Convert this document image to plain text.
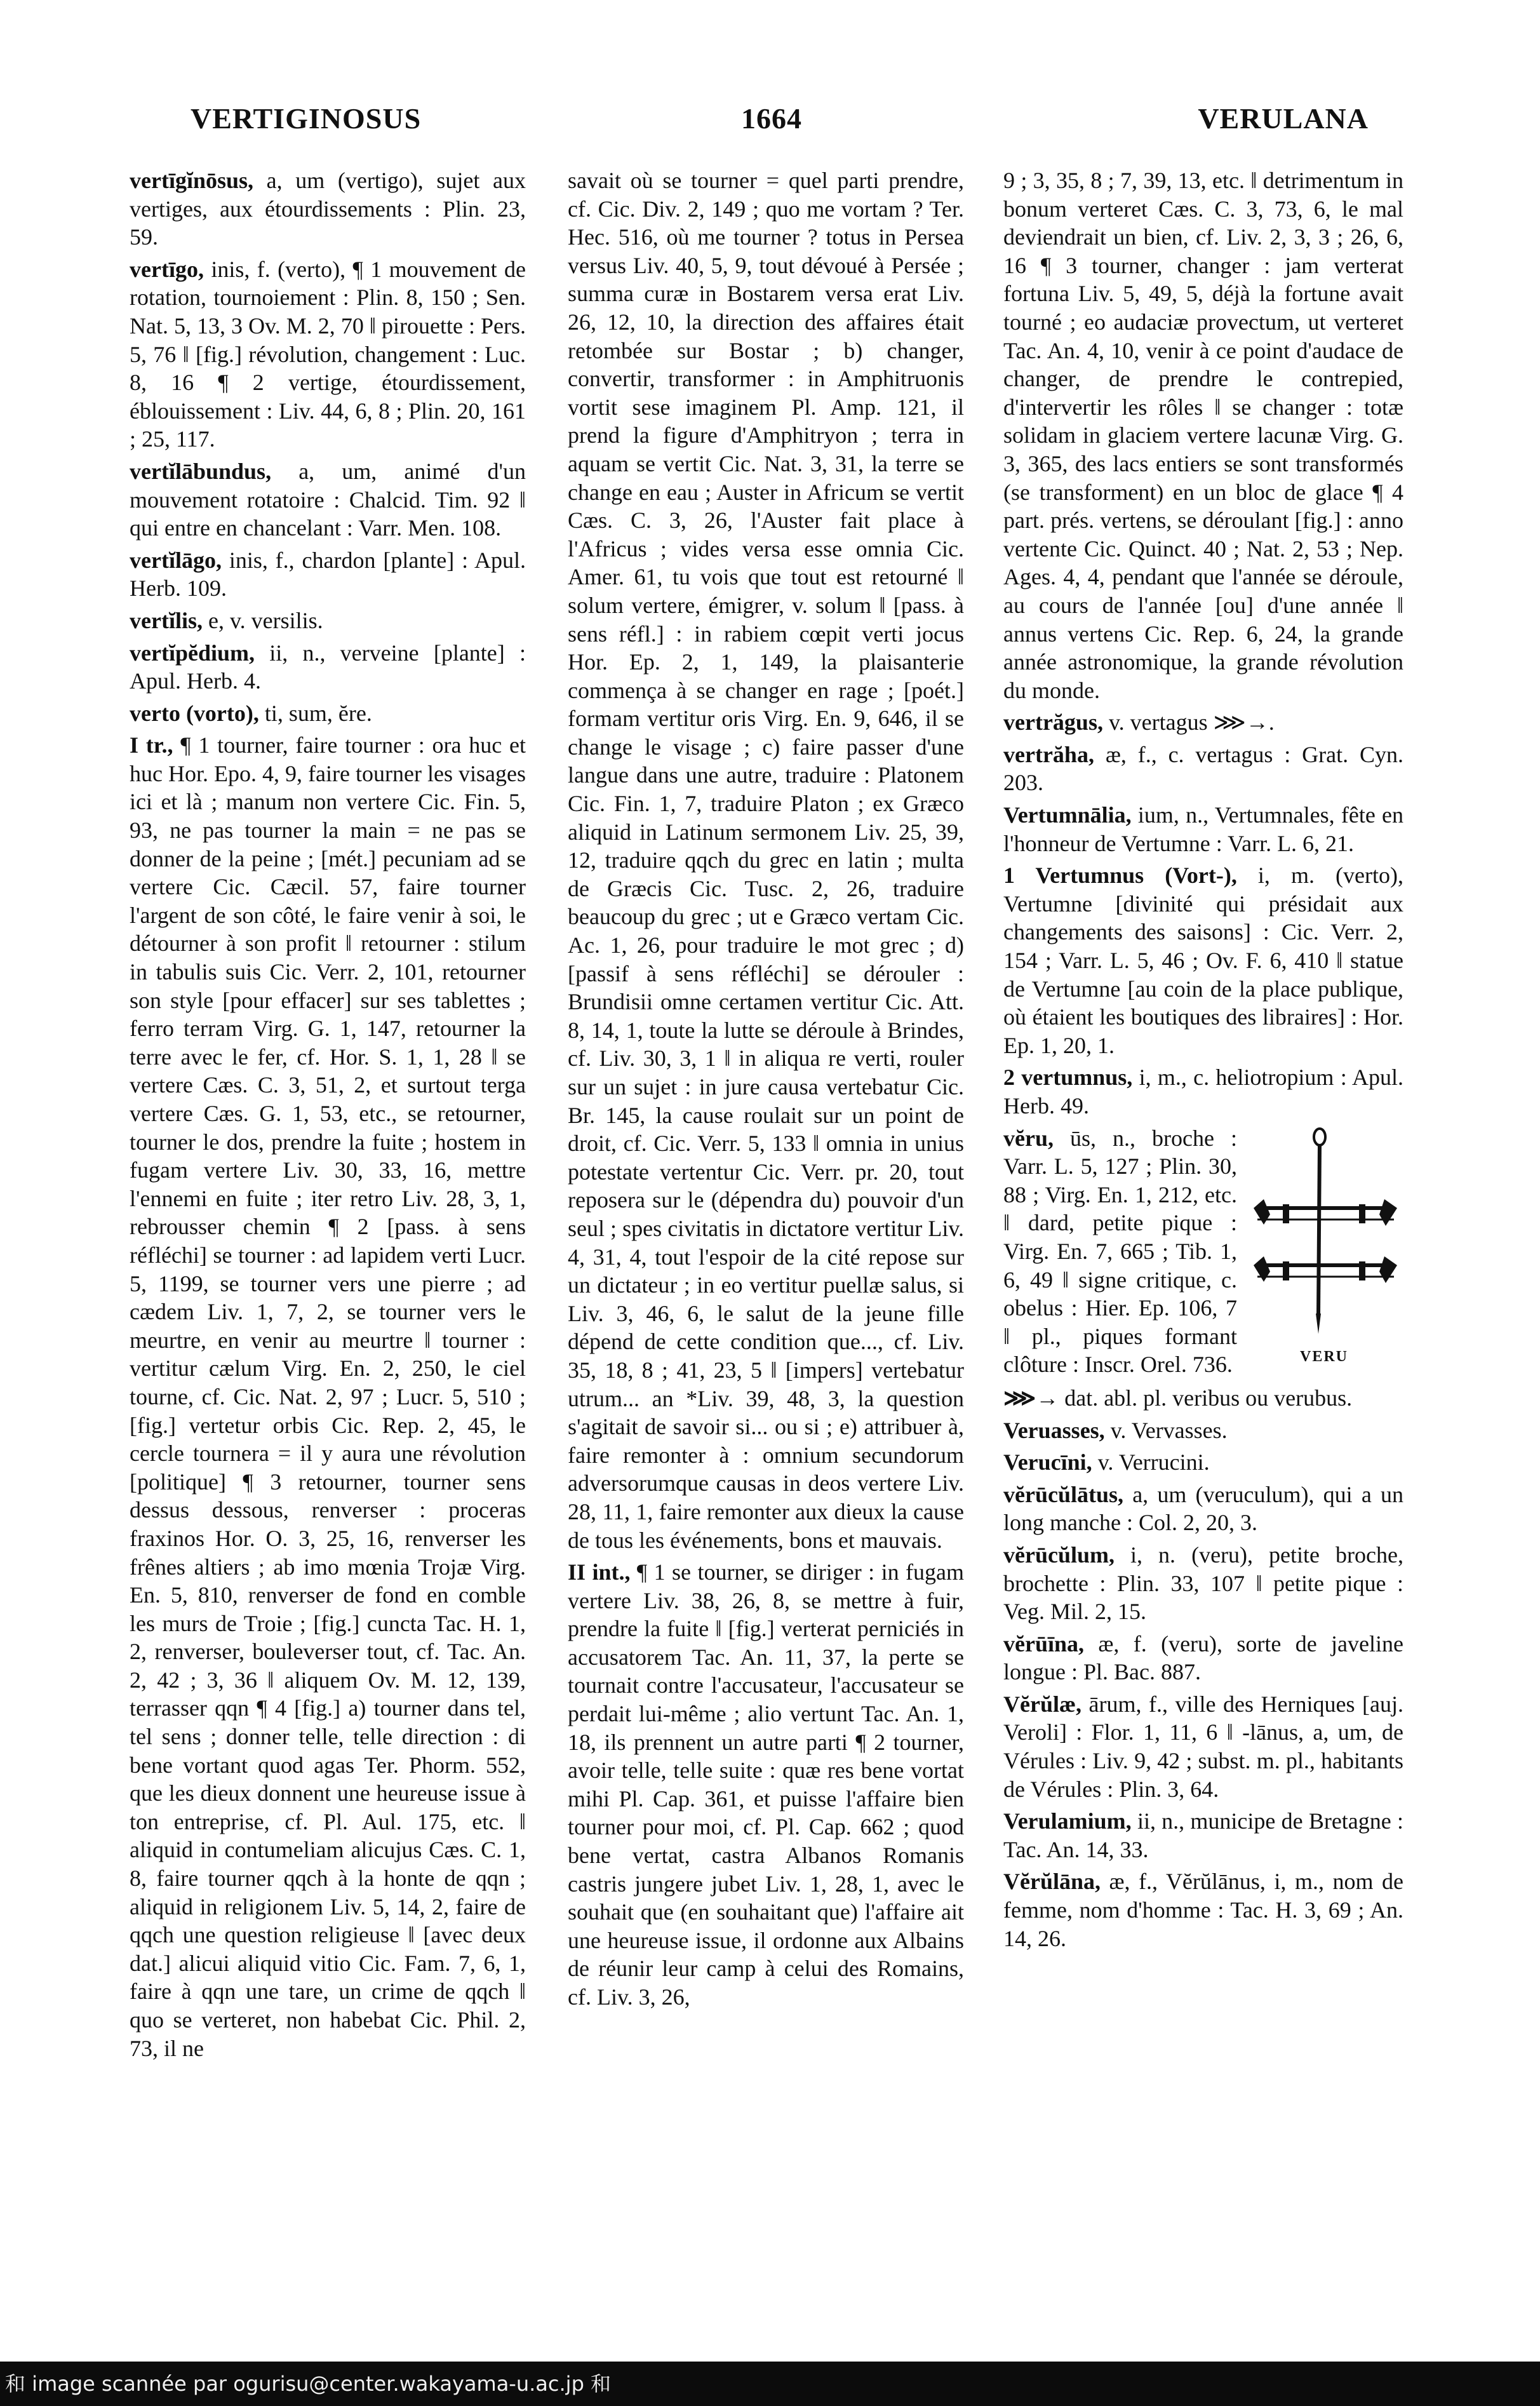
VERTIGINOSUS	1664	VERULANA

vertīgĭnōsus, a, um (vertigo), sujet aux vertiges, aux étourdissements : Plin. 23, 59.

vertīgo, inis, f. (verto), ¶ 1 mouvement de rotation, tournoiement : Plin. 8, 150 ; Sen. Nat. 5, 13, 3 Ov. M. 2, 70 ‖ pirouette : Pers. 5, 76 ‖ [fig.] révolution, changement : Luc. 8, 16 ¶ 2 vertige, étourdissement, éblouissement : Liv. 44, 6, 8 ; Plin. 20, 161 ; 25, 117.

vertĭlābundus, a, um, animé d'un mouvement rotatoire : Chalcid. Tim. 92 ‖ qui entre en chancelant : Varr. Men. 108.

vertĭlāgo, inis, f., chardon [plante] : Apul. Herb. 109.

vertĭlis, e, v. versilis.

vertĭpĕdium, ii, n., verveine [plante] : Apul. Herb. 4.

verto (vorto), ti, sum, ĕre.

I tr., ¶ 1 tourner, faire tourner : ora huc et huc Hor. Epo. 4, 9, faire tourner les visages ici et là ; manum non vertere Cic. Fin. 5, 93, ne pas tourner la main = ne pas se donner de la peine ; [mét.] pecuniam ad se vertere Cic. Cæcil. 57, faire tourner l'argent de son côté, le faire venir à soi, le détourner à son profit ‖ retourner : stilum in tabulis suis Cic. Verr. 2, 101, retourner son style [pour effacer] sur ses tablettes ; ferro terram Virg. G. 1, 147, retourner la terre avec le fer, cf. Hor. S. 1, 1, 28 ‖ se vertere Cæs. C. 3, 51, 2, et surtout terga vertere Cæs. G. 1, 53, etc., se retourner, tourner le dos, prendre la fuite ; hostem in fugam vertere Liv. 30, 33, 16, mettre l'ennemi en fuite ; iter retro Liv. 28, 3, 1, rebrousser chemin ¶ 2 [pass. à sens réfléchi] se tourner : ad lapidem verti Lucr. 5, 1199, se tourner vers une pierre ; ad cædem Liv. 1, 7, 2, se tourner vers le meurtre, en venir au meurtre ‖ tourner : vertitur cælum Virg. En. 2, 250, le ciel tourne, cf. Cic. Nat. 2, 97 ; Lucr. 5, 510 ; [fig.] vertetur orbis Cic. Rep. 2, 45, le cercle tournera = il y aura une révolution [politique] ¶ 3 retourner, tourner sens dessus dessous, renverser : proceras fraxinos Hor. O. 3, 25, 16, renverser les frênes altiers ; ab imo mœnia Trojæ Virg. En. 5, 810, renverser de fond en comble les murs de Troie ; [fig.] cuncta Tac. H. 1, 2, renverser, bouleverser tout, cf. Tac. An. 2, 42 ; 3, 36 ‖ aliquem Ov. M. 12, 139, terrasser qqn ¶ 4 [fig.] a) tourner dans tel, tel sens ; donner telle, telle direction : di bene vortant quod agas Ter. Phorm. 552, que les dieux donnent une heureuse issue à ton entreprise, cf. Pl. Aul. 175, etc. ‖ aliquid in contumeliam alicujus Cæs. C. 1, 8, faire tourner qqch à la honte de qqn ; aliquid in religionem Liv. 5, 14, 2, faire de qqch une question religieuse ‖ [avec deux dat.] alicui aliquid vitio Cic. Fam. 7, 6, 1, faire à qqn une tare, un crime de qqch ‖ quo se verteret, non habebat Cic. Phil. 2, 73, il ne

savait où se tourner = quel parti prendre, cf. Cic. Div. 2, 149 ; quo me vortam ? Ter. Hec. 516, où me tourner ? totus in Persea versus Liv. 40, 5, 9, tout dévoué à Persée ; summa curæ in Bostarem versa erat Liv. 26, 12, 10, la direction des affaires était retombée sur Bostar ; b) changer, convertir, transformer : in Amphitruonis vortit sese imaginem Pl. Amp. 121, il prend la figure d'Amphitryon ; terra in aquam se vertit Cic. Nat. 3, 31, la terre se change en eau ; Auster in Africum se vertit Cæs. C. 3, 26, l'Auster fait place à l'Africus ; vides versa esse omnia Cic. Amer. 61, tu vois que tout est retourné ‖ solum vertere, émigrer, v. solum ‖ [pass. à sens réfl.] : in rabiem cœpit verti jocus Hor. Ep. 2, 1, 149, la plaisanterie commença à se changer en rage ; [poét.] formam vertitur oris Virg. En. 9, 646, il se change le visage ; c) faire passer d'une langue dans une autre, traduire : Platonem Cic. Fin. 1, 7, traduire Platon ; ex Græco aliquid in Latinum sermonem Liv. 25, 39, 12, traduire qqch du grec en latin ; multa de Græcis Cic. Tusc. 2, 26, traduire beaucoup du grec ; ut e Græco vertam Cic. Ac. 1, 26, pour traduire le mot grec ; d) [passif à sens réfléchi] se dérouler : Brundisii omne certamen vertitur Cic. Att. 8, 14, 1, toute la lutte se déroule à Brindes, cf. Liv. 30, 3, 1 ‖ in aliqua re verti, rouler sur un sujet : in jure causa vertebatur Cic. Br. 145, la cause roulait sur un point de droit, cf. Cic. Verr. 5, 133 ‖ omnia in unius potestate vertentur Cic. Verr. pr. 20, tout reposera sur le (dépendra du) pouvoir d'un seul ; spes civitatis in dictatore vertitur Liv. 4, 31, 4, tout l'espoir de la cité repose sur un dictateur ; in eo vertitur puellæ salus, si Liv. 3, 46, 6, le salut de la jeune fille dépend de cette condition que..., cf. Liv. 35, 18, 8 ; 41, 23, 5 ‖ [impers] vertebatur utrum... an *Liv. 39, 48, 3, la question s'agitait de savoir si... ou si ; e) attribuer à, faire remonter à : omnium secundorum adversorumque causas in deos vertere Liv. 28, 11, 1, faire remonter aux dieux la cause de tous les événements, bons et mauvais.

II int., ¶ 1 se tourner, se diriger : in fugam vertere Liv. 38, 26, 8, se mettre à fuir, prendre la fuite ‖ [fig.] verterat perniciés in accusatorem Tac. An. 11, 37, la perte se tournait contre l'accusateur, l'accusateur se perdait lui-même ; alio vertunt Tac. An. 1, 18, ils prennent un autre parti ¶ 2 tourner, avoir telle, telle suite : quæ res bene vortat mihi Pl. Cap. 361, et puisse l'affaire bien tourner pour moi, cf. Pl. Cap. 662 ; quod bene vertat, castra Albanos Romanis castris jungere jubet Liv. 1, 28, 1, avec le souhait que (en souhaitant que) l'affaire ait une heureuse issue, il ordonne aux Albains de réunir leur camp à celui des Romains, cf. Liv. 3, 26,

9 ; 3, 35, 8 ; 7, 39, 13, etc. ‖ detrimentum in bonum verteret Cæs. C. 3, 73, 6, le mal deviendrait un bien, cf. Liv. 2, 3, 3 ; 26, 6, 16 ¶ 3 tourner, changer : jam verterat fortuna Liv. 5, 49, 5, déjà la fortune avait tourné ; eo audaciæ provectum, ut verteret Tac. An. 4, 10, venir à ce point d'audace de changer, de prendre le contrepied, d'intervertir les rôles ‖ se changer : totæ solidam in glaciem vertere lacunæ Virg. G. 3, 365, des lacs entiers se sont transformés (se transforment) en un bloc de glace ¶ 4 part. prés. vertens, se déroulant [fig.] : anno vertente Cic. Quinct. 40 ; Nat. 2, 53 ; Nep. Ages. 4, 4, pendant que l'année se déroule, au cours de l'année [ou] d'une année ‖ annus vertens Cic. Rep. 6, 24, la grande année astronomique, la grande révolution du monde.

vertrăgus, v. vertagus ⋙→.

vertrăha, æ, f., c. vertagus : Grat. Cyn. 203.

Vertumnālia, ium, n., Vertumnales, fête en l'honneur de Vertumne : Varr. L. 6, 21.

1 Vertumnus (Vort-), i, m. (verto), Vertumne [divinité qui présidait aux changements des saisons] : Cic. Verr. 2, 154 ; Varr. L. 5, 46 ; Ov. F. 6, 410 ‖ statue de Vertumne [au coin de la place publique, où étaient les boutiques des libraires] : Hor. Ep. 1, 20, 1.

2 vertumnus, i, m., c. heliotropium : Apul. Herb. 49.

vĕru, ūs, n., broche : Varr. L. 5, 127 ; Plin. 30, 88 ; Virg. En. 1, 212, etc. ‖ dard, petite pique : Virg. En. 7, 665 ; Tib. 1, 6, 49 ‖ signe critique, c. obelus : Hier. Ep. 106, 7 ‖ pl., piques formant clôture : Inscr. Orel. 736.	VERU

⋙→ dat. abl. pl. veribus ou verubus.

Veruasses, v. Vervasses.

Verucīni, v. Verrucini.

vĕrūcŭlātus, a, um (veruculum), qui a un long manche : Col. 2, 20, 3.

vĕrūcŭlum, i, n. (veru), petite broche, brochette : Plin. 33, 107 ‖ petite pique : Veg. Mil. 2, 15.

vĕrūīna, æ, f. (veru), sorte de javeline longue : Pl. Bac. 887.

Vĕrŭlæ, ārum, f., ville des Herniques [auj. Veroli] : Flor. 1, 11, 6 ‖ -lānus, a, um, de Vérules : Liv. 9, 42 ; subst. m. pl., habitants de Vérules : Plin. 3, 64.

Verulamium, ii, n., municipe de Bretagne : Tac. An. 14, 33.

Vĕrŭlāna, æ, f., Vĕrŭlānus, i, m., nom de femme, nom d'homme : Tac. H. 3, 69 ; An. 14, 26.

和 image scannée par ogurisu@center.wakayama-u.ac.jp 和
